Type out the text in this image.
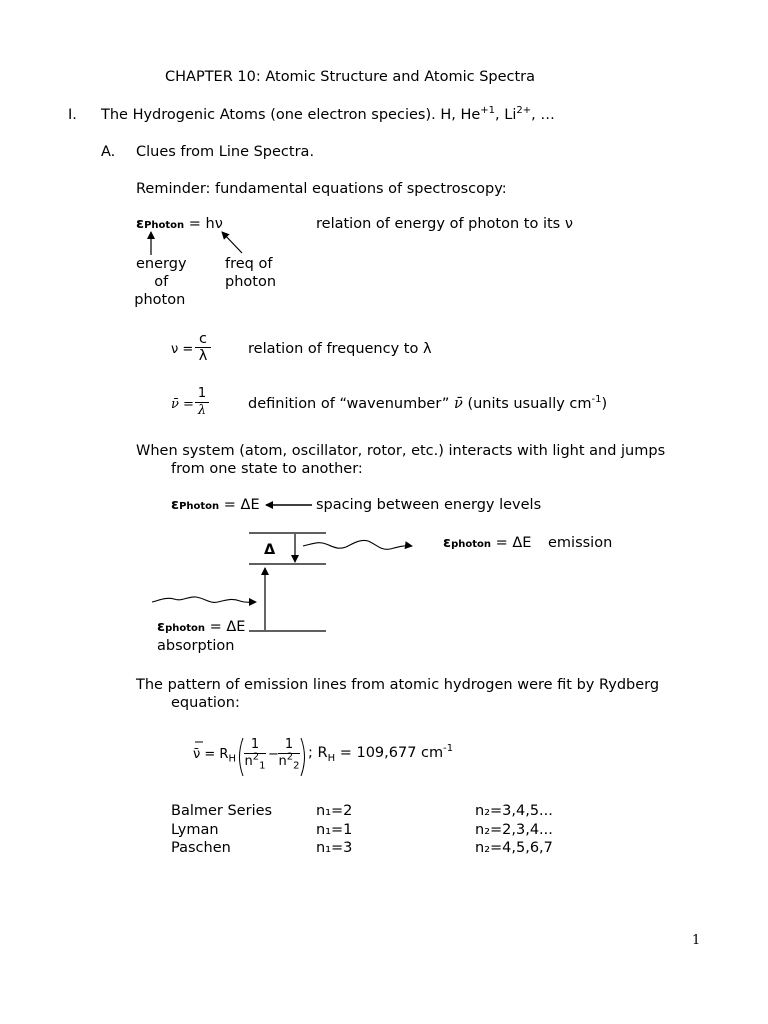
CHAPTER 10: Atomic Structure and Atomic Spectra
I. The Hydrogenic Atoms (one electron species). H, $He^{+1}$, $Li^{2+}$, …
A. Clues from Line Spectra.
Reminder: fundamental equations of spectroscopy:
εPhoton = hν	relation of energy of photon to its ν
energy
of
photon
freq of
photon
$\nu = \frac{c}{\lambda}$	relation of frequency to λ
ν̄ = $\frac{1}{\lambda}$	definition of “wavenumber” ν̄ (units usually $cm^{-1}$)
When system (atom, oscillator, rotor, etc.) interacts with light and jumps
from one state to another:
εPhoton = ΔE	spacing between energy levels
Δ	εphoton = ΔE emission
εphoton = ΔE
absorption
The pattern of emission lines from atomic hydrogen were fit by Rydberg
equation:
ν̄ = $R_H \frac{1}{n^2_1} - \frac{1}{n^2_2}$ ; $R_H = 109,677$ $cm^{-1}$
Balmer Series	n₁=2	n₂=3,4,5...
Lyman	n₁=1	n₂=2,3,4...
Paschen	n₁=3	n₂=4,5,6,7
1
